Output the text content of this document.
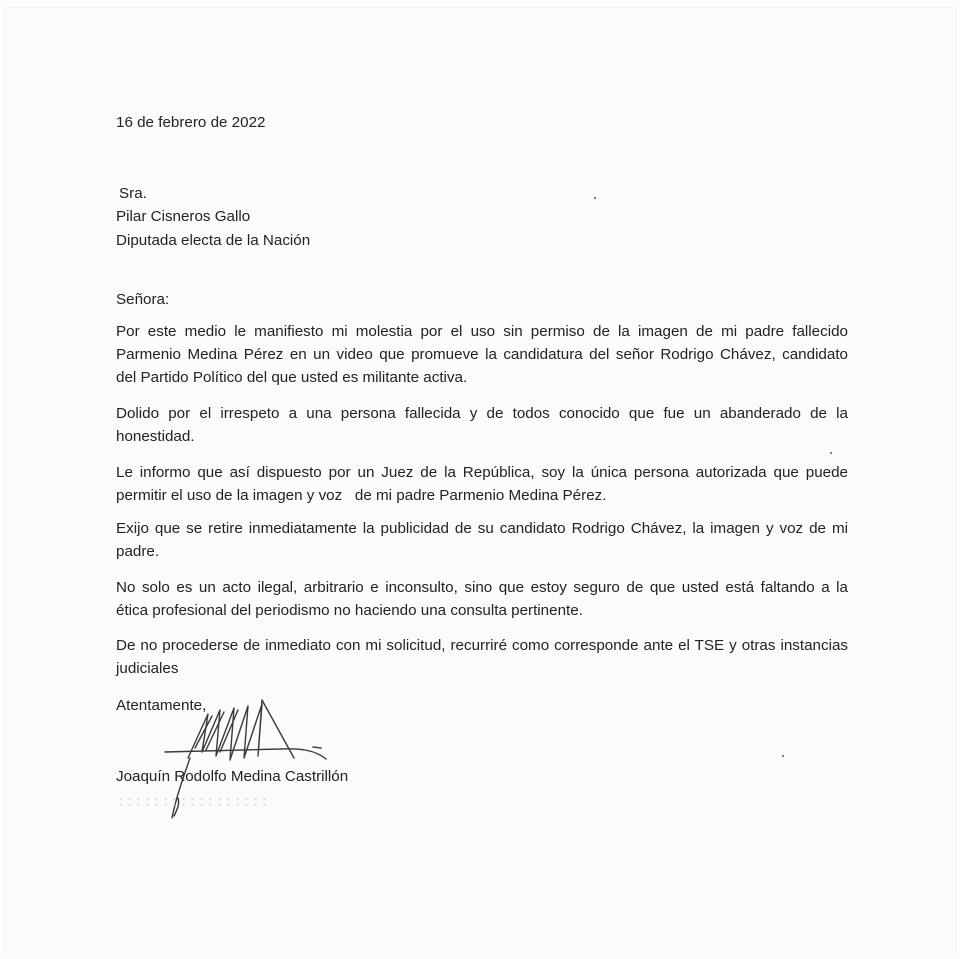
16 de febrero de 2022
Sra.
Pilar Cisneros Gallo
Diputada electa de la Nación
Señora:
Por este medio le manifiesto mi molestia por el uso sin permiso de la imagen de mi padre fallecido
Parmenio Medina Pérez en un video que promueve la candidatura del señor Rodrigo Chávez, candidato
del Partido Político del que usted es militante activa.
Dolido por el irrespeto a una persona fallecida y de todos conocido que fue un abanderado de la
honestidad.
Le informo que así dispuesto por un Juez de la República, soy la única persona autorizada que puede
permitir el uso de la imagen y voz   de mi padre Parmenio Medina Pérez.
Exijo que se retire inmediatamente la publicidad de su candidato Rodrigo Chávez, la imagen y voz de mi
padre.
No solo es un acto ilegal, arbitrario e inconsulto, sino que estoy seguro de que usted está faltando a la
ética profesional del periodismo no haciendo una consulta pertinente.
De no procederse de inmediato con mi solicitud, recurriré como corresponde ante el TSE y otras instancias
judiciales
Atentamente,
Joaquín Rodolfo Medina Castrillón
